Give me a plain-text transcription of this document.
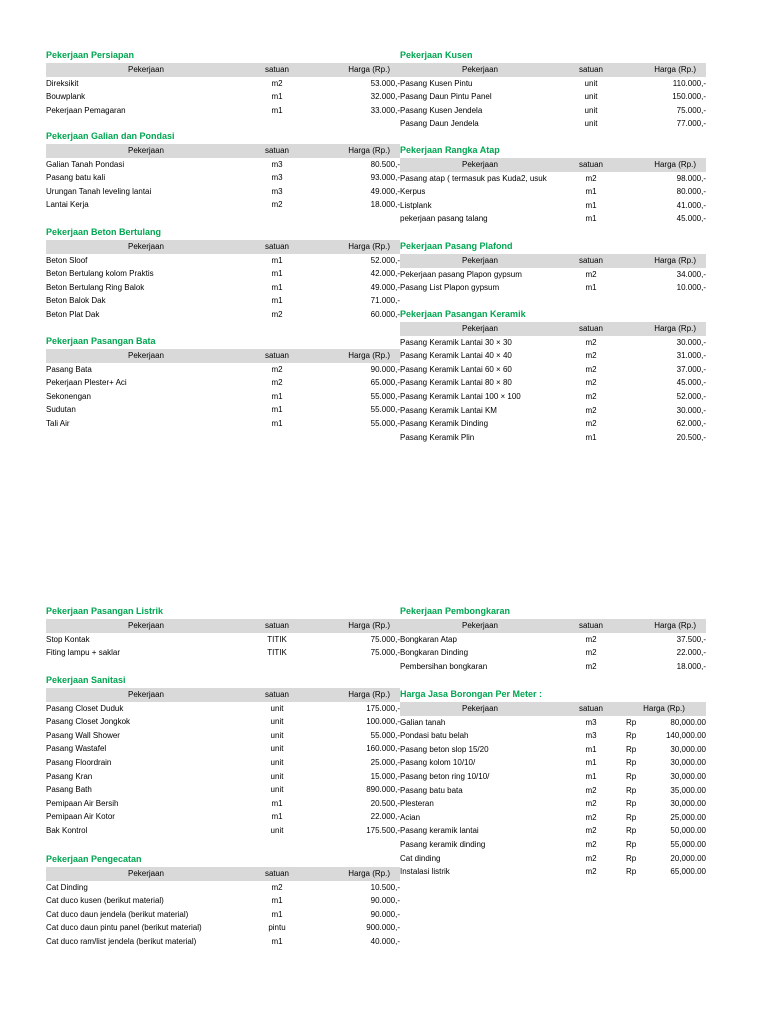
Pekerjaan Persiapan
Pekerjaan	satuan	Harga (Rp.)
Direksikit	m2	53.000,-
Bouwplank	m1	32.000,-
Pekerjaan Pemagaran	m1	33.000,-
Pekerjaan Galian dan Pondasi
Pekerjaan	satuan	Harga (Rp.)
Galian Tanah Pondasi	m3	80.500,-
Pasang batu kali	m3	93.000,-
Urungan Tanah leveling lantai	m3	49.000,-
Lantai Kerja	m2	18.000,-
Pekerjaan Beton Bertulang
Pekerjaan	satuan	Harga (Rp.)
Beton Sloof	m1	52.000,-
Beton Bertulang kolom Praktis	m1	42.000,-
Beton Bertulang Ring Balok	m1	49.000,-
Beton Balok Dak	m1	71.000,-
Beton Plat Dak	m2	60.000,-
Pekerjaan Pasangan Bata
Pekerjaan	satuan	Harga (Rp.)
Pasang Bata	m2	90.000,-
Pekerjaan Plester+ Aci	m2	65.000,-
Sekonengan	m1	55.000,-
Sudutan	m1	55.000,-
Tali Air	m1	55.000,-
Pekerjaan Kusen
Pekerjaan	satuan	Harga (Rp.)
Pasang Kusen Pintu	unit	110.000,-
Pasang Daun Pintu Panel	unit	150.000,-
Pasang Kusen Jendela	unit	75.000,-
Pasang Daun Jendela	unit	77.000,-
Pekerjaan Rangka Atap
Pekerjaan	satuan	Harga (Rp.)
Pasang atap ( termasuk pas Kuda2, usuk	m2	98.000,-
Kerpus	m1	80.000,-
Listplank	m1	41.000,-
pekerjaan pasang talang	m1	45.000,-
Pekerjaan Pasang Plafond
Pekerjaan	satuan	Harga (Rp.)
Pekerjaan pasang Plapon gypsum	m2	34.000,-
Pasang List Plapon gypsum	m1	10.000,-
Pekerjaan Pasangan Keramik
Pekerjaan	satuan	Harga (Rp.)
Pasang Keramik Lantai 30 × 30	m2	30.000,-
Pasang Keramik Lantai 40 × 40	m2	31.000,-
Pasang Keramik Lantai 60 × 60	m2	37.000,-
Pasang Keramik Lantai 80 × 80	m2	45.000,-
Pasang Keramik Lantai 100 × 100	m2	52.000,-
Pasang Keramik Lantai KM	m2	30.000,-
Pasang Keramik Dinding	m2	62.000,-
Pasang Keramik Plin	m1	20.500,-
Pekerjaan Pasangan Listrik
Pekerjaan	satuan	Harga (Rp.)
Stop Kontak	TITIK	75.000,-
Fiting lampu + saklar	TITIK	75.000,-
Pekerjaan Sanitasi
Pekerjaan	satuan	Harga (Rp.)
Pasang Closet Duduk	unit	175.000,-
Pasang Closet Jongkok	unit	100.000,-
Pasang Wall Shower	unit	55.000,-
Pasang Wastafel	unit	160.000,-
Pasang Floordrain	unit	25.000,-
Pasang Kran	unit	15.000,-
Pasang Bath	unit	890.000,-
Pemipaan Air Bersih	m1	20.500,-
Pemipaan Air Kotor	m1	22.000,-
Bak Kontrol	unit	175.500,-
Pekerjaan Pengecatan
Pekerjaan	satuan	Harga (Rp.)
Cat Dinding	m2	10.500,-
Cat duco kusen (berikut material)	m1	90.000,-
Cat duco daun jendela (berikut material)	m1	90.000,-
Cat duco daun pintu panel (berikut material)	pintu	900.000,-
Cat duco ram/list jendela (berikut material)	m1	40.000,-
Pekerjaan Pembongkaran
Pekerjaan	satuan	Harga (Rp.)
Bongkaran Atap	m2	37.500,-
Bongkaran Dinding	m2	22.000,-
Pembersihan bongkaran	m2	18.000,-
Harga Jasa Borongan Per Meter :
Pekerjaan	satuan	Harga (Rp.)	
Galian tanah	m3	Rp	80,000.00
Pondasi batu belah	m3	Rp	140,000.00
Pasang beton slop 15/20	m1	Rp	30,000.00
Pasang kolom 10/10/	m1	Rp	30,000.00
Pasang beton ring 10/10/	m1	Rp	30,000.00
Pasang batu bata	m2	Rp	35,000.00
Plesteran	m2	Rp	30,000.00
Acian	m2	Rp	25,000.00
Pasang keramik lantai	m2	Rp	50,000.00
Pasang keramik dinding	m2	Rp	55,000.00
Cat dinding	m2	Rp	20,000.00
Instalasi listrik	m2	Rp	65,000.00
